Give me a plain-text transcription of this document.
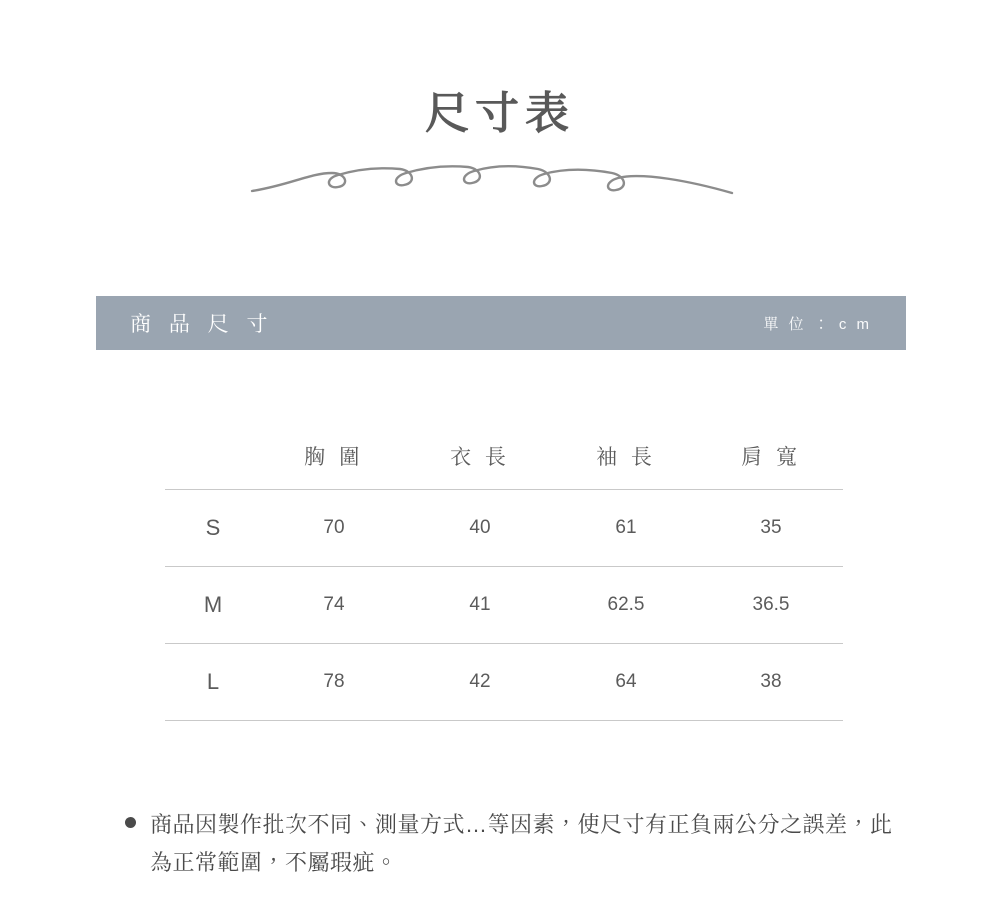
尺寸表
商 品 尺 寸	單 位 ： c m
	胸 圍	衣 長	袖 長	肩 寬
S	70	40	61	35
M	74	41	62.5	36.5
L	78	42	64	38
商品因製作批次不同、測量方式…等因素，使尺寸有正負兩公分之誤差，此為正常範圍，不屬瑕疵。
